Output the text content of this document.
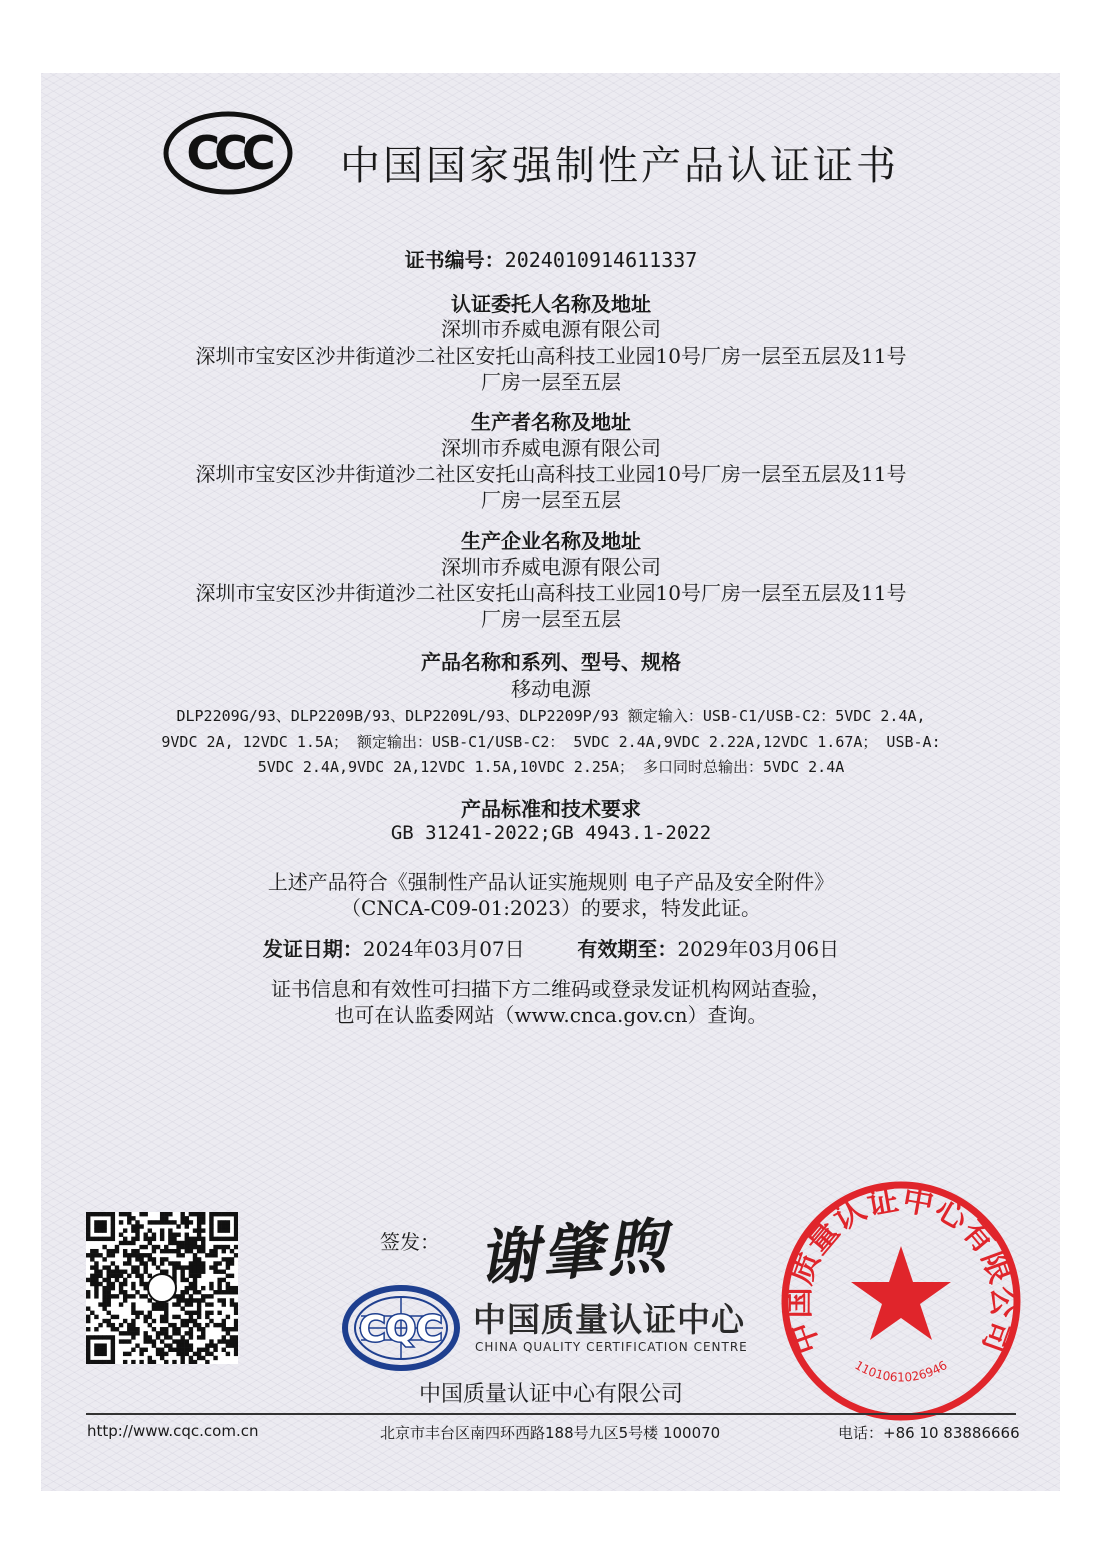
CCC 中国国家强制性产品认证证书
证书编号：2024010914611337
认证委托人名称及地址
深圳市乔威电源有限公司
深圳市宝安区沙井街道沙二社区安托山高科技工业园10号厂房一层至五层及11号
厂房一层至五层
生产者名称及地址
深圳市乔威电源有限公司
深圳市宝安区沙井街道沙二社区安托山高科技工业园10号厂房一层至五层及11号
厂房一层至五层
生产企业名称及地址
深圳市乔威电源有限公司
深圳市宝安区沙井街道沙二社区安托山高科技工业园10号厂房一层至五层及11号
厂房一层至五层
产品名称和系列、型号、规格
移动电源
DLP2209G/93、DLP2209B/93、DLP2209L/93、DLP2209P/93 额定输入：USB-C1/USB-C2：5VDC 2.4A,
9VDC 2A, 12VDC 1.5A； 额定输出：USB-C1/USB-C2： 5VDC 2.4A,9VDC 2.22A,12VDC 1.67A； USB-A:
5VDC 2.4A,9VDC 2A,12VDC 1.5A,10VDC 2.25A； 多口同时总输出：5VDC 2.4A
产品标准和技术要求
GB 31241-2022;GB 4943.1-2022
上述产品符合《强制性产品认证实施规则 电子产品及安全附件》
（CNCA-C09-01:2023）的要求，特发此证。
发证日期：2024年03月07日	有效期至：2029年03月06日
证书信息和有效性可扫描下方二维码或登录发证机构网站查验，
也可在认监委网站（www.cnca.gov.cn）查询。
签发： 谢肇煦
CQC 中国质量认证中心
CHINA QUALITY CERTIFICATION CENTRE
中国质量认证中心有限公司
中国质量认证中心有限公司
1101061026946
http://www.cqc.com.cn	北京市丰台区南四环西路188号九区5号楼 100070	电话：+86 10 83886666
